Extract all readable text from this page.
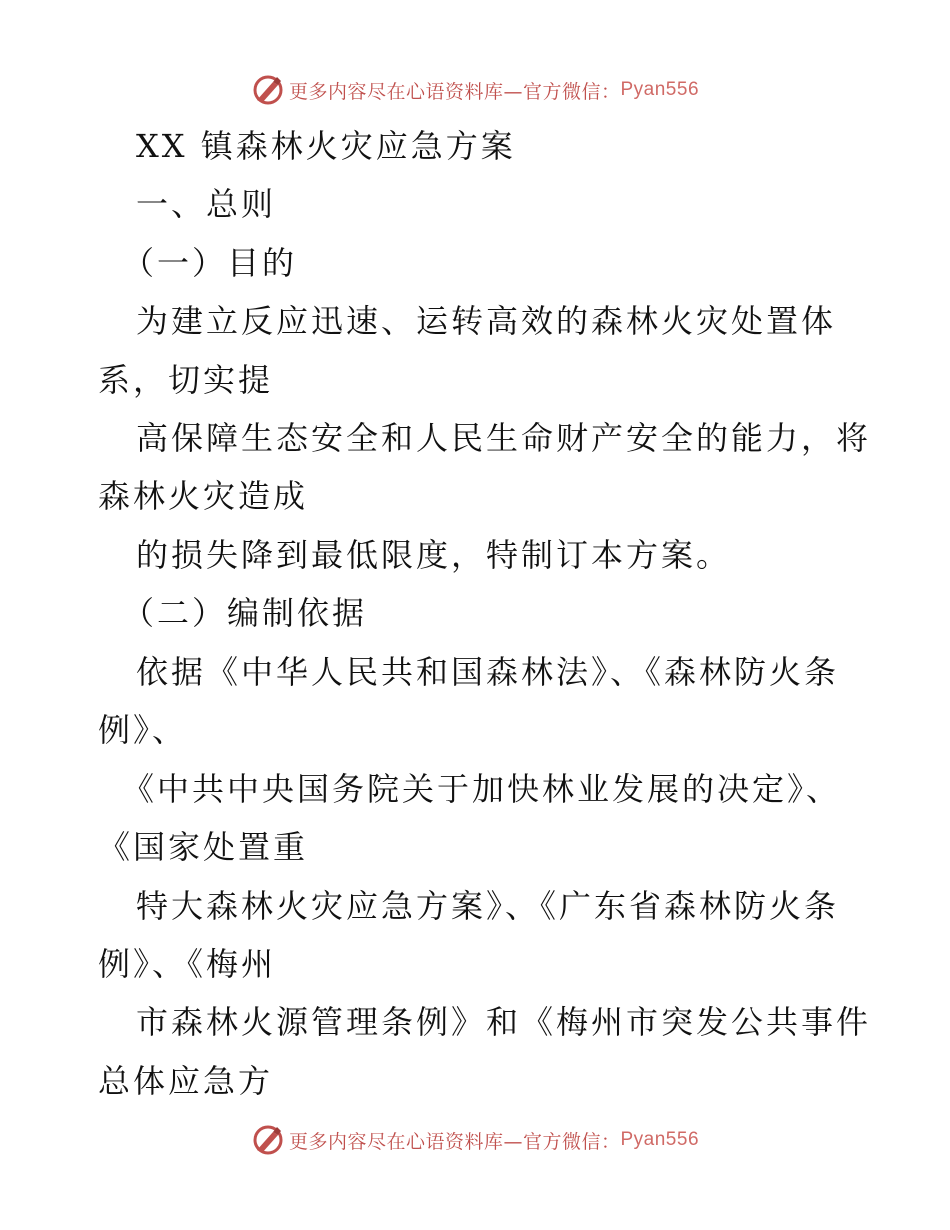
更多内容尽在心语资料库—官方微信： Pyan556
XX 镇森林火灾应急方案
一、总则
（一）目的
为建立反应迅速、运转高效的森林火灾处置体
系，切实提
高保障生态安全和人民生命财产安全的能力，将
森林火灾造成
的损失降到最低限度，特制订本方案。
（二）编制依据
依据《中华人民共和国森林法》、《森林防火条
例》、
《中共中央国务院关于加快林业发展的决定》、
《国家处置重
特大森林火灾应急方案》、《广东省森林防火条
例》、《梅州
市森林火源管理条例》和《梅州市突发公共事件
总体应急方
更多内容尽在心语资料库—官方微信： Pyan556
